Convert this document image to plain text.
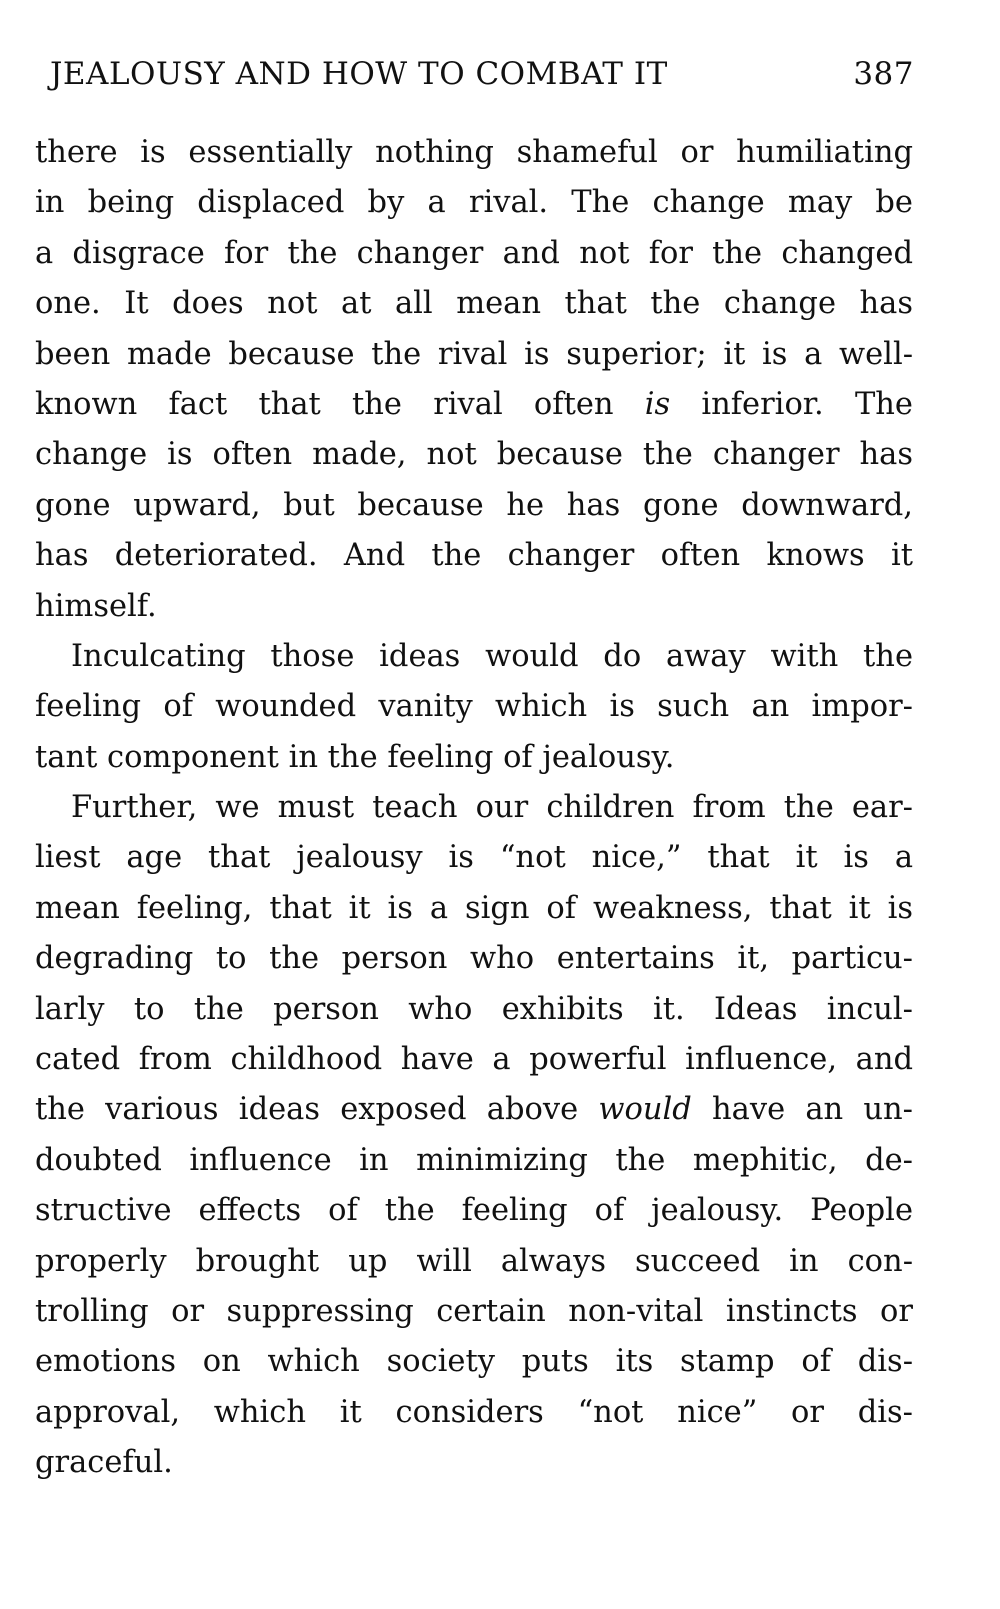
JEALOUSY AND HOW TO COMBAT IT	387
there is essentially nothing shameful or humiliating
in being displaced by a rival. The change may be
a disgrace for the changer and not for the changed
one. It does not at all mean that the change has
been made because the rival is superior; it is a well-
known fact that the rival often is inferior. The
change is often made, not because the changer has
gone upward, but because he has gone downward,
has deteriorated. And the changer often knows it
himself.
Inculcating those ideas would do away with the
feeling of wounded vanity which is such an impor-
tant component in the feeling of jealousy.
Further, we must teach our children from the ear-
liest age that jealousy is “not nice,” that it is a
mean feeling, that it is a sign of weakness, that it is
degrading to the person who entertains it, particu-
larly to the person who exhibits it. Ideas incul-
cated from childhood have a powerful influence, and
the various ideas exposed above would have an un-
doubted influence in minimizing the mephitic, de-
structive effects of the feeling of jealousy. People
properly brought up will always succeed in con-
trolling or suppressing certain non-vital instincts or
emotions on which society puts its stamp of dis-
approval, which it considers “not nice” or dis-
graceful.
